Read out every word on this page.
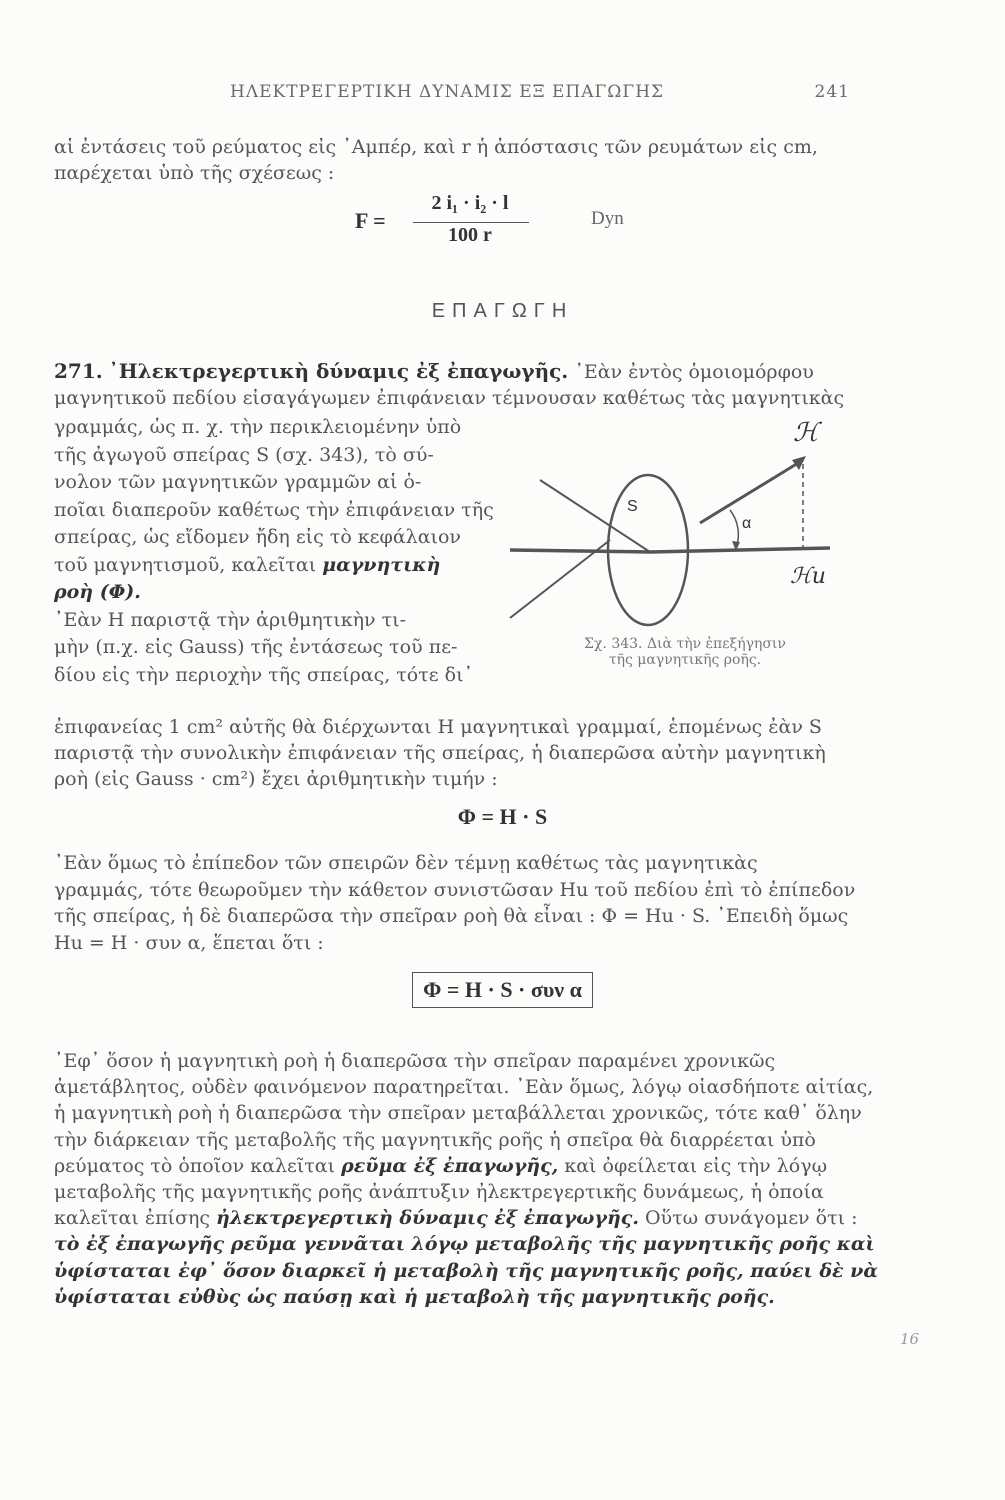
ΗΛΕΚΤΡΕΓΕΡΤΙΚΗ ΔΥΝΑΜΙΣ ΕΞ ΕΠΑΓΩΓΗΣ	241

αἱ ἐντάσεις τοῦ ρεύματος εἰς ᾽Αμπέρ, καὶ r ἡ ἀπόστασις τῶν ρευμάτων εἰς cm,

παρέχεται ὑπὸ τῆς σχέσεως :

F =
2 i₁ · i₂ · l
100 r
Dyn
ΕΠΑΓΩΓΗ

271. ᾽Ηλεκτρεγερτικὴ δύναμις ἐξ ἐπαγωγῆς. ᾽Εὰν ἐντὸς ὁμοιομόρφου

μαγνητικοῦ πεδίου εἰσαγάγωμεν ἐπιφάνειαν τέμνουσαν καθέτως τὰς μαγνητικὰς

γραμμάς, ὡς π. χ. τὴν περικλειομένην ὑπὸ

τῆς ἀγωγοῦ σπείρας S (σχ. 343), τὸ σύ-

νολον τῶν μαγνητικῶν γραμμῶν αἱ ὁ-

ποῖαι διαπεροῦν καθέτως τὴν ἐπιφάνειαν τῆς

σπείρας, ὡς εἴδομεν ἤδη εἰς τὸ κεφάλαιον

τοῦ μαγνητισμοῦ, καλεῖται μαγνητικὴ

ροὴ (Φ).

᾽Εὰν H παριστᾷ τὴν ἀριθμητικὴν τι-

μὴν (π.χ. εἰς Gauss) τῆς ἐντάσεως τοῦ πε-

δίου εἰς τὴν περιοχὴν τῆς σπείρας, τότε δι᾽

ἐπιφανείας 1 cm² αὐτῆς θὰ διέρχωνται H μαγνητικαὶ γραμμαί, ἑπομένως ἐὰν S

παριστᾷ τὴν συνολικὴν ἐπιφάνειαν τῆς σπείρας, ἡ διαπερῶσα αὐτὴν μαγνητικὴ

ροὴ (εἰς Gauss · cm²) ἔχει ἀριθμητικὴν τιμήν :

S
α
ℋ
ℋu
Σχ. 343. Διὰ τὴν ἐπεξήγησιν
τῆς μαγνητικῆς ροῆς.
Φ = H · S

᾽Εὰν ὅμως τὸ ἐπίπεδον τῶν σπειρῶν δὲν τέμνῃ καθέτως τὰς μαγνητικὰς

γραμμάς, τότε θεωροῦμεν τὴν κάθετον συνιστῶσαν Hu τοῦ πεδίου ἐπὶ τὸ ἐπίπεδον

τῆς σπείρας, ἡ δὲ διαπερῶσα τὴν σπεῖραν ροὴ θὰ εἶναι : Φ = Hu · S. ᾽Επειδὴ ὅμως

Hu = H · συν α, ἕπεται ὅτι :

Φ = H · S · συν α

᾽Εφ᾽ ὅσον ἡ μαγνητικὴ ροὴ ἡ διαπερῶσα τὴν σπεῖραν παραμένει χρονικῶς

ἀμετάβλητος, οὐδὲν φαινόμενον παρατηρεῖται. ᾽Εὰν ὅμως, λόγῳ οἱασδήποτε αἰτίας,

ἡ μαγνητικὴ ροὴ ἡ διαπερῶσα τὴν σπεῖραν μεταβάλλεται χρονικῶς, τότε καθ᾽ ὅλην

τὴν διάρκειαν τῆς μεταβολῆς τῆς μαγνητικῆς ροῆς ἡ σπεῖρα θὰ διαρρέεται ὑπὸ

ρεύματος τὸ ὁποῖον καλεῖται ρεῦμα ἐξ ἐπαγωγῆς, καὶ ὀφείλεται εἰς τὴν λόγῳ

μεταβολῆς τῆς μαγνητικῆς ροῆς ἀνάπτυξιν ἠλεκτρεγερτικῆς δυνάμεως, ἡ ὁποία

καλεῖται ἐπίσης ἠλεκτρεγερτικὴ δύναμις ἐξ ἐπαγωγῆς. Οὕτω συνάγομεν ὅτι :

τὸ ἐξ ἐπαγωγῆς ρεῦμα γεννᾶται λόγῳ μεταβολῆς τῆς μαγνητικῆς ροῆς καὶ

ὑφίσταται ἐφ᾽ ὅσον διαρκεῖ ἡ μεταβολὴ τῆς μαγνητικῆς ροῆς, παύει δὲ νὰ

ὑφίσταται εὐθὺς ὡς παύσῃ καὶ ἡ μεταβολὴ τῆς μαγνητικῆς ροῆς.

16
